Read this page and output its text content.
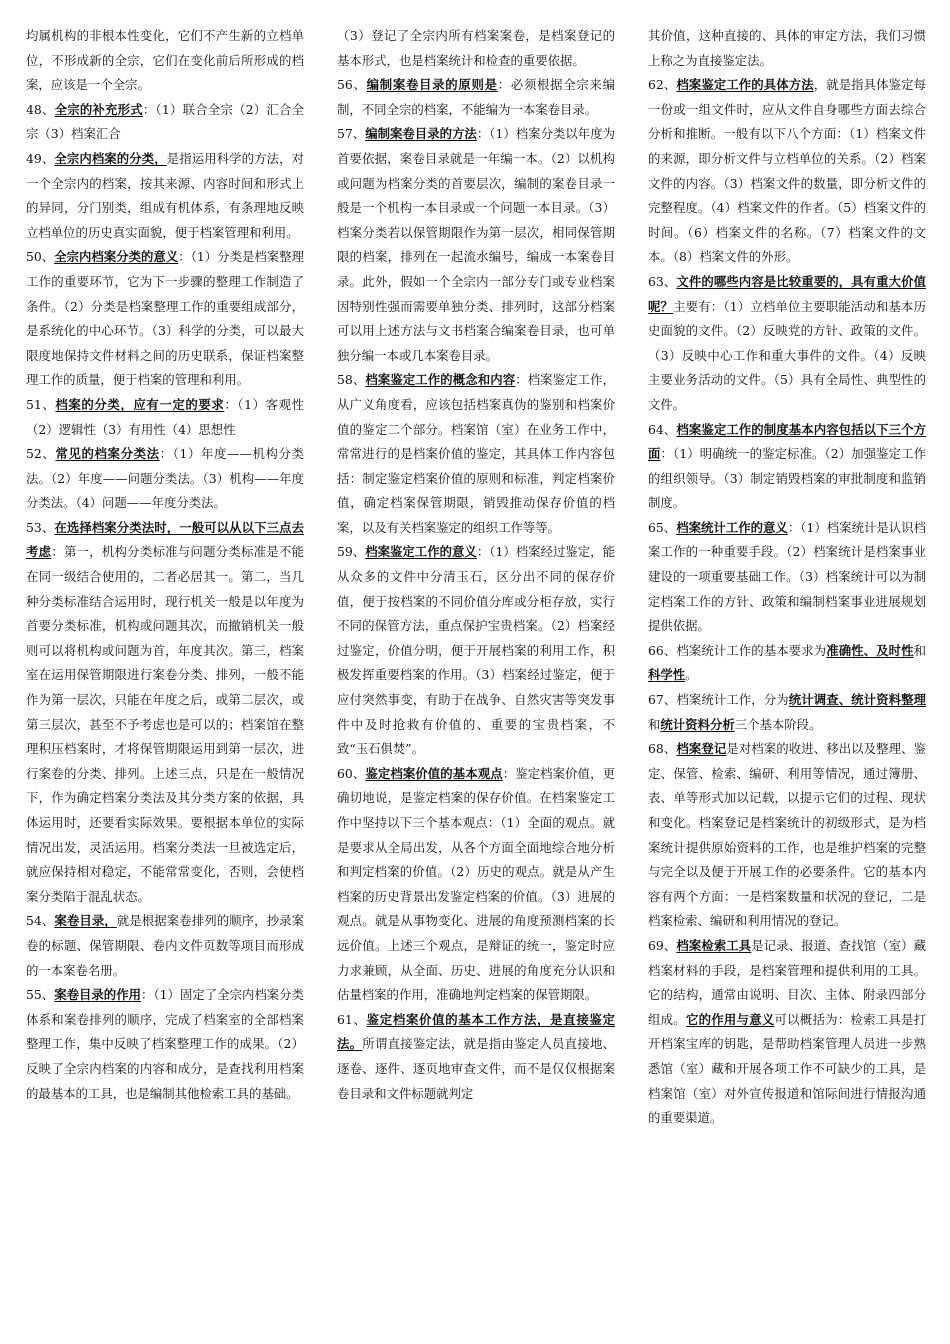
均属机构的非根本性变化，它们不产生新的立档单位，不形成新的全宗，它们在变化前后所形成的档案，应该是一个全宗。

48、全宗的补充形式：（1）联合全宗（2）汇合全宗（3）档案汇合

49、全宗内档案的分类，是指运用科学的方法，对一个全宗内的档案，按其来源、内容时间和形式上的异同，分门别类，组成有机体系，有条理地反映立档单位的历史真实面貌，便于档案管理和利用。

50、全宗内档案分类的意义：（1）分类是档案整理工作的重要环节，它为下一步骤的整理工作制造了条件。（2）分类是档案整理工作的重要组成部分，是系统化的中心环节。（3）科学的分类，可以最大限度地保持文件材料之间的历史联系，保证档案整理工作的质量，便于档案的管理和利用。

51、档案的分类，应有一定的要求：（1）客观性（2）逻辑性（3）有用性（4）思想性

52、常见的档案分类法：（1）年度——机构分类法。（2）年度——问题分类法。（3）机构——年度分类法。（4）问题——年度分类法。

53、在选择档案分类法时，一般可以从以下三点去考虑：第一，机构分类标准与问题分类标准是不能在同一级结合使用的，二者必居其一。第二，当几种分类标准结合运用时，现行机关一般是以年度为首要分类标准，机构或问题其次，而撤销机关一般则可以将机构或问题为首，年度其次。第三，档案室在运用保管期限进行案卷分类、排列，一般不能作为第一层次，只能在年度之后，或第二层次，或第三层次，甚至不予考虑也是可以的；档案馆在整理积压档案时，才将保管期限运用到第一层次，进行案卷的分类、排列。上述三点，只是在一般情况下，作为确定档案分类法及其分类方案的依据，具体运用时，还要看实际效果。要根据本单位的实际情况出发，灵活运用。档案分类法一旦被选定后，就应保持相对稳定，不能常常变化，否则，会使档案分类陷于混乱状态。

54、案卷目录，就是根据案卷排列的顺序，抄录案卷的标题、保管期限、卷内文件页数等项目而形成的一本案卷名册。

55、案卷目录的作用：（1）固定了全宗内档案分类体系和案卷排列的顺序，完成了档案室的全部档案整理工作，集中反映了档案整理工作的成果。（2）反映了全宗内档案的内容和成分，是查找利用档案的最基本的工具，也是编制其他检索工具的基础。

（3）登记了全宗内所有档案案卷，是档案登记的基本形式，也是档案统计和检查的重要依据。

56、编制案卷目录的原则是：必须根据全宗来编制，不同全宗的档案，不能编为一本案卷目录。

57、编制案卷目录的方法：（1）档案分类以年度为首要依据，案卷目录就是一年编一本。（2）以机构或问题为档案分类的首要层次，编制的案卷目录一般是一个机构一本目录或一个问题一本目录。（3）档案分类若以保管期限作为第一层次，相同保管期限的档案，排列在一起流水编号，编成一本案卷目录。此外，假如一个全宗内一部分专门或专业档案因特别性强而需要单独分类、排列时，这部分档案可以用上述方法与文书档案合编案卷目录，也可单独分编一本或几本案卷目录。

58、档案鉴定工作的概念和内容：档案鉴定工作，从广义角度看，应该包括档案真伪的鉴别和档案价值的鉴定二个部分。档案馆（室）在业务工作中，常常进行的是档案价值的鉴定，其具体工作内容包括：制定鉴定档案价值的原则和标准，判定档案价值，确定档案保管期限，销毁推动保存价值的档案，以及有关档案鉴定的组织工作等等。

59、档案鉴定工作的意义：（1）档案经过鉴定，能从众多的文件中分清玉石，区分出不同的保存价值，便于按档案的不同价值分库或分柜存放，实行不同的保管方法，重点保护宝贵档案。（2）档案经过鉴定，价值分明，便于开展档案的利用工作，积极发挥重要档案的作用。（3）档案经过鉴定，便于应付突然事变，有助于在战争、自然灾害等突发事件中及时抢救有价值的、重要的宝贵档案，不致“玉石俱焚”。

60、鉴定档案价值的基本观点：鉴定档案价值，更确切地说，是鉴定档案的保存价值。在档案鉴定工作中坚持以下三个基本观点：（1）全面的观点。就是要求从全局出发，从各个方面全面地综合地分析和判定档案的价值。（2）历史的观点。就是从产生档案的历史背景出发鉴定档案的价值。（3）进展的观点。就是从事物变化、进展的角度预测档案的长远价值。上述三个观点，是辩证的统一，鉴定时应力求兼顾，从全面、历史、进展的角度充分认识和估量档案的作用，准确地判定档案的保管期限。

61、鉴定档案价值的基本工作方法，是直接鉴定法。所谓直接鉴定法，就是指由鉴定人员直接地、逐卷、逐件、逐页地审查文件，而不是仅仅根据案卷目录和文件标题就判定

其价值，这种直接的、具体的审定方法，我们习惯上称之为直接鉴定法。

62、档案鉴定工作的具体方法，就是指具体鉴定每一份或一组文件时，应从文件自身哪些方面去综合分析和推断。一般有以下八个方面：（1）档案文件的来源，即分析文件与立档单位的关系。（2）档案文件的内容。（3）档案文件的数量，即分析文件的完整程度。（4）档案文件的作者。（5）档案文件的时间。（6）档案文件的名称。（7）档案文件的文本。（8）档案文件的外形。

63、文件的哪些内容是比较重要的，具有重大价值呢？主要有：（1）立档单位主要职能活动和基本历史面貌的文件。（2）反映党的方针、政策的文件。（3）反映中心工作和重大事件的文件。（4）反映主要业务活动的文件。（5）具有全局性、典型性的文件。

64、档案鉴定工作的制度基本内容包括以下三个方面：（1）明确统一的鉴定标准。（2）加强鉴定工作的组织领导。（3）制定销毁档案的审批制度和监销制度。

65、档案统计工作的意义：（1）档案统计是认识档案工作的一种重要手段。（2）档案统计是档案事业建设的一项重要基础工作。（3）档案统计可以为制定档案工作的方针、政策和编制档案事业进展规划提供依据。

66、档案统计工作的基本要求为准确性、及时性和科学性。

67、档案统计工作，分为统计调查、统计资料整理和统计资料分析三个基本阶段。

68、档案登记是对档案的收进、移出以及整理、鉴定、保管、检索、编研、利用等情况，通过簿册、表、单等形式加以记载，以提示它们的过程、现状和变化。档案登记是档案统计的初级形式，是为档案统计提供原始资料的工作，也是维护档案的完整与完全以及便于开展工作的必要条件。它的基本内容有两个方面：一是档案数量和状况的登记，二是档案检索、编研和利用情况的登记。

69、档案检索工具是记录、报道、查找馆（室）藏档案材料的手段，是档案管理和提供利用的工具。它的结构，通常由说明、目次、主体、附录四部分组成。它的作用与意义可以概括为：检索工具是打开档案宝库的钥匙，是帮助档案管理人员进一步熟悉馆（室）藏和开展各项工作不可缺少的工具，是档案馆（室）对外宣传报道和馆际间进行情报沟通的重要渠道。
